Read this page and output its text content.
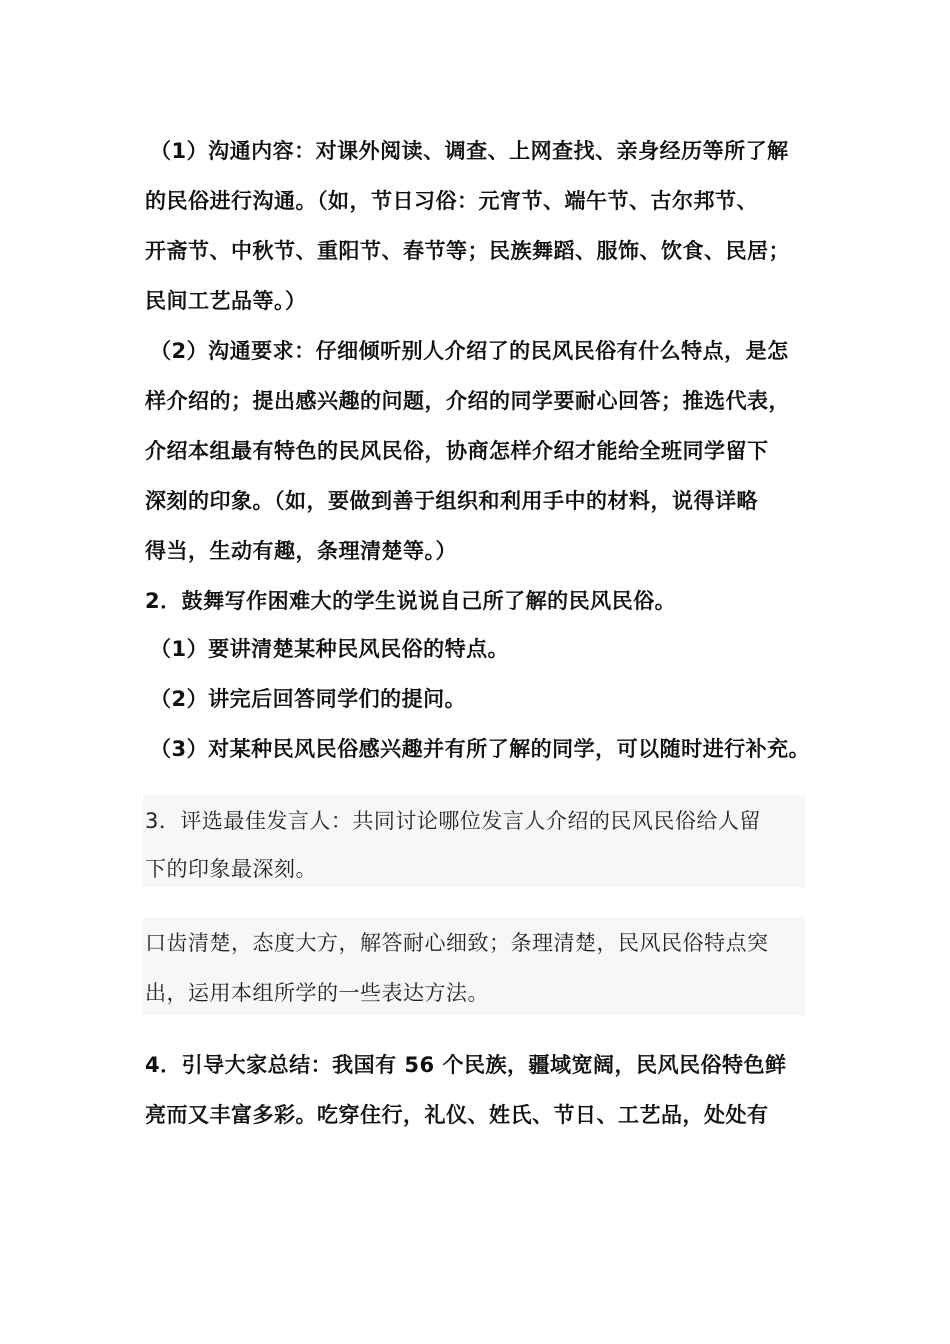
（1）沟通内容：对课外阅读、调查、上网查找、亲身经历等所了解
的民俗进行沟通。（如，节日习俗：元宵节、端午节、古尔邦节、
开斋节、中秋节、重阳节、春节等；民族舞蹈、服饰、饮食、民居；
民间工艺品等。）
（2）沟通要求：仔细倾听别人介绍了的民风民俗有什么特点，是怎
样介绍的；提出感兴趣的问题，介绍的同学要耐心回答；推选代表，
介绍本组最有特色的民风民俗，协商怎样介绍才能给全班同学留下
深刻的印象。（如，要做到善于组织和利用手中的材料，说得详略
得当，生动有趣，条理清楚等。）
2．鼓舞写作困难大的学生说说自己所了解的民风民俗。
（1）要讲清楚某种民风民俗的特点。
（2）讲完后回答同学们的提问。
（3）对某种民风民俗感兴趣并有所了解的同学，可以随时进行补充。
3．评选最佳发言人：共同讨论哪位发言人介绍的民风民俗给人留
下的印象最深刻。
口齿清楚，态度大方，解答耐心细致；条理清楚，民风民俗特点突
出，运用本组所学的一些表达方法。
4．引导大家总结：我国有 56 个民族，疆域宽阔，民风民俗特色鲜
亮而又丰富多彩。吃穿住行，礼仪、姓氏、节日、工艺品，处处有
